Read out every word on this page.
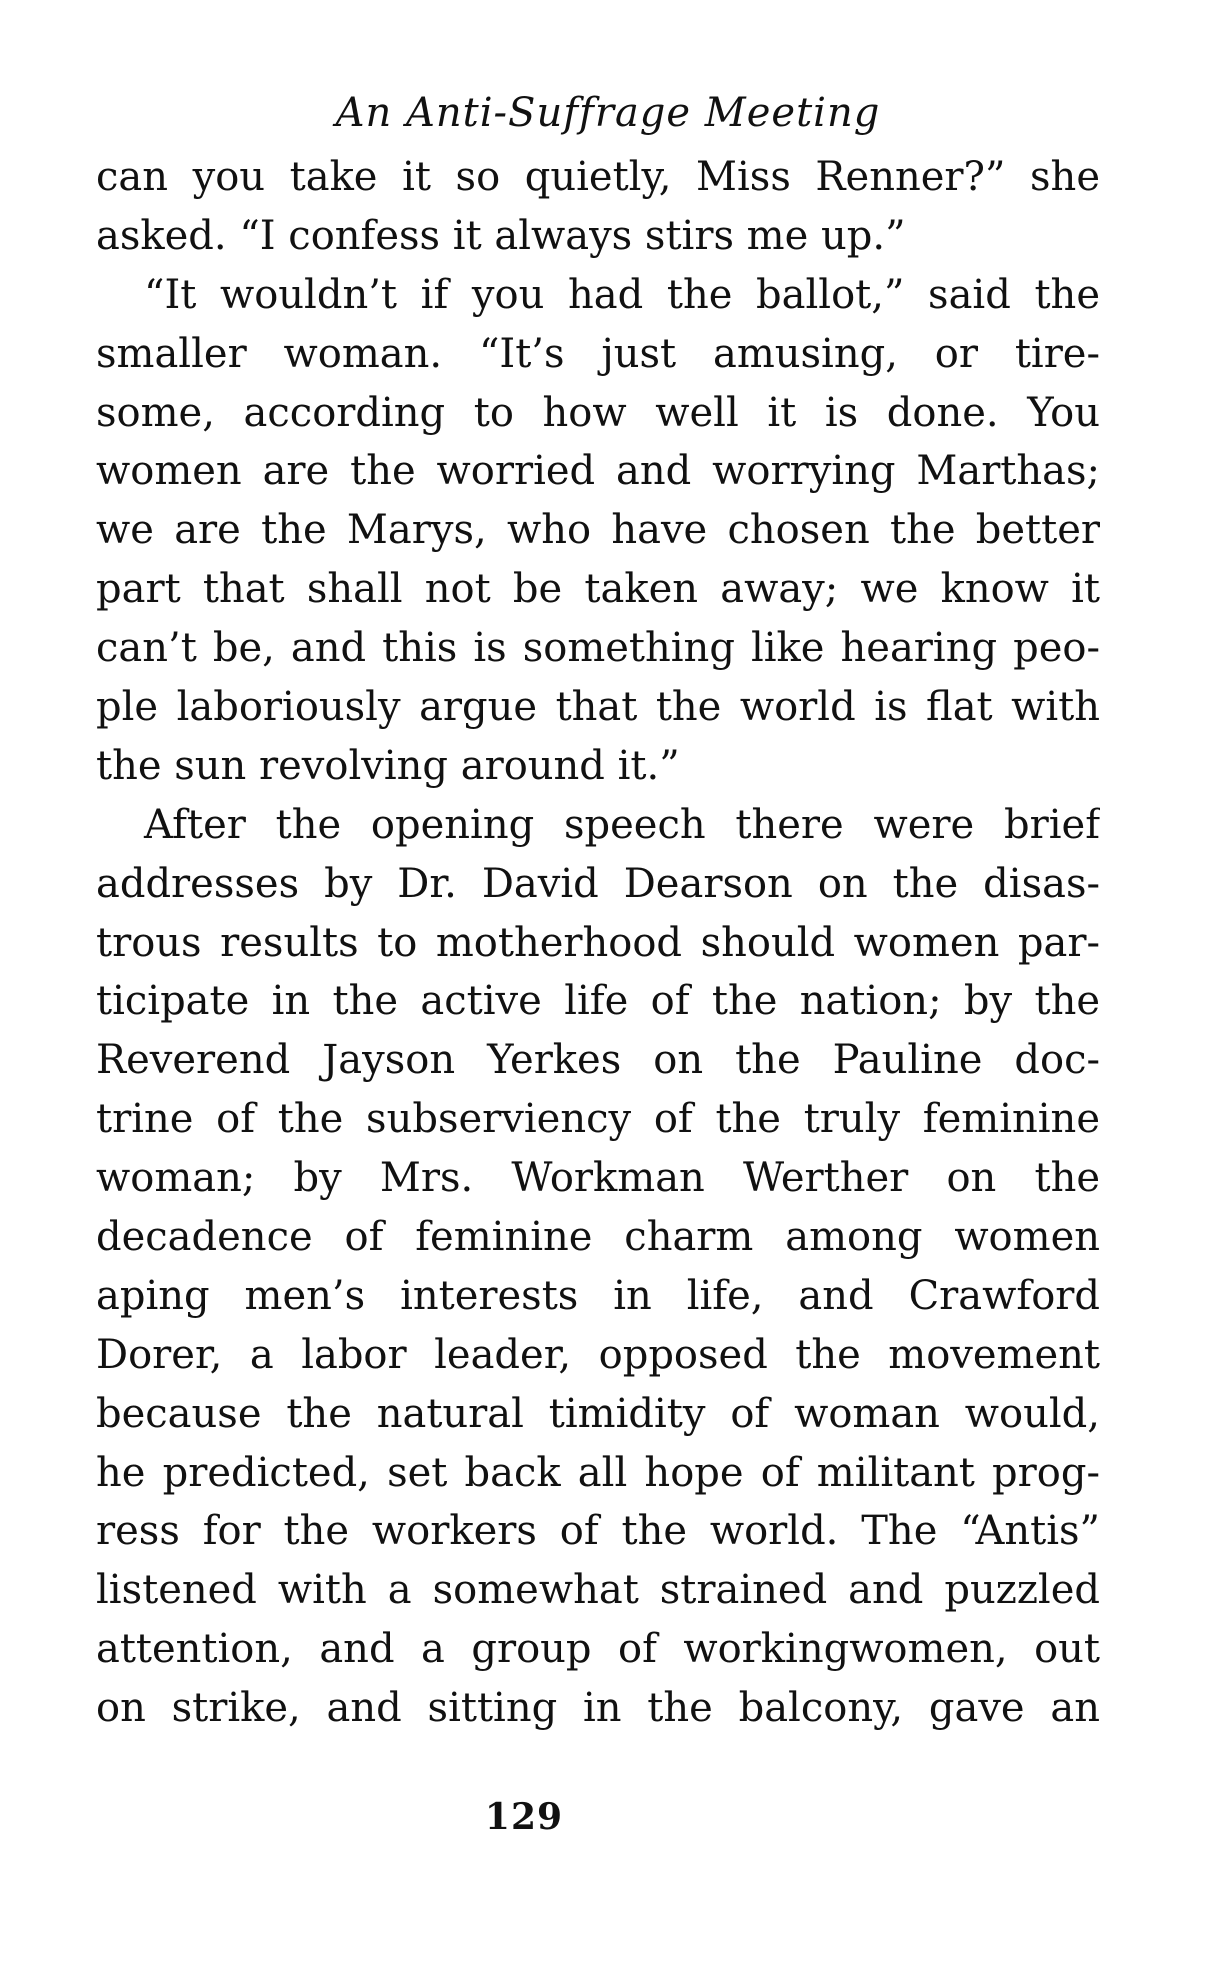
An Anti-Suffrage Meeting
can you take it so quietly, Miss Renner?” she
asked. “I confess it always stirs me up.”
“It wouldn’t if you had the ballot,” said the
smaller woman. “It’s just amusing, or tire-
some, according to how well it is done. You
women are the worried and worrying Marthas;
we are the Marys, who have chosen the better
part that shall not be taken away; we know it
can’t be, and this is something like hearing peo-
ple laboriously argue that the world is flat with
the sun revolving around it.”
After the opening speech there were brief
addresses by Dr. David Dearson on the disas-
trous results to motherhood should women par-
ticipate in the active life of the nation; by the
Reverend Jayson Yerkes on the Pauline doc-
trine of the subserviency of the truly feminine
woman; by Mrs. Workman Werther on the
decadence of feminine charm among women
aping men’s interests in life, and Crawford
Dorer, a labor leader, opposed the movement
because the natural timidity of woman would,
he predicted, set back all hope of militant prog-
ress for the workers of the world. The “Antis”
listened with a somewhat strained and puzzled
attention, and a group of workingwomen, out
on strike, and sitting in the balcony, gave an
129
